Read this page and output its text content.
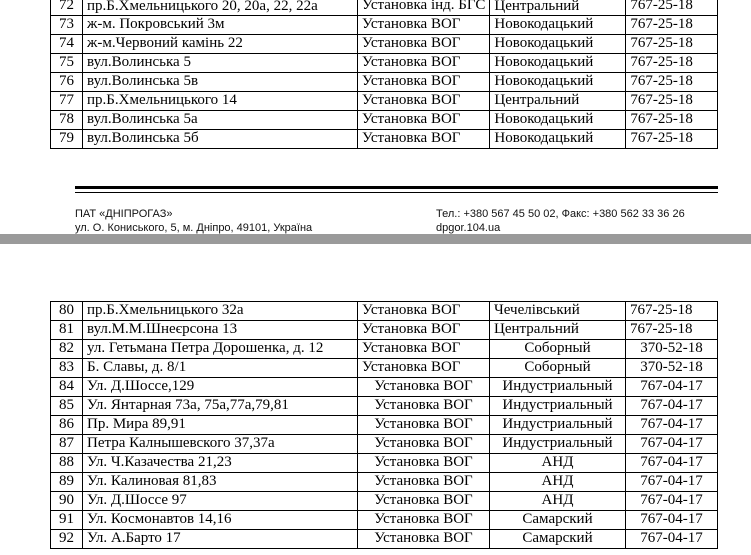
72	пр.Б.Хмельницького 20, 20а, 22, 22а	Установка інд. БГС	Центральний	767-25-18
73	ж-м. Покровський 3м	Установка ВОГ	Новокодацький	767-25-18
74	ж-м.Червоний камінь 22	Установка ВОГ	Новокодацький	767-25-18
75	вул.Волинська 5	Установка ВОГ	Новокодацький	767-25-18
76	вул.Волинська 5в	Установка ВОГ	Новокодацький	767-25-18
77	пр.Б.Хмельницького 14	Установка ВОГ	Центральний	767-25-18
78	вул.Волинська 5а	Установка ВОГ	Новокодацький	767-25-18
79	вул.Волинська 5б	Установка ВОГ	Новокодацький	767-25-18
ПАТ «ДНІПРОГАЗ»
ул. О. Кониського, 5, м. Дніпро, 49101, Україна
Тел.: +380 567 45 50 02, Факс: +380 562 33 36 26
dpgor.104.ua
80	пр.Б.Хмельницького 32а	Установка ВОГ	Чечелівський	767-25-18
81	вул.М.М.Шнеєрсона 13	Установка ВОГ	Центральний	767-25-18
82	ул. Гетьмана Петра Дорошенка, д. 12	Установка ВОГ	Соборный	370-52-18
83	Б. Славы, д. 8/1	Установка ВОГ	Соборный	370-52-18
84	Ул. Д.Шоссе,129	Установка ВОГ	Индустриальный	767-04-17
85	Ул. Янтарная 73а, 75а,77а,79,81	Установка ВОГ	Индустриальный	767-04-17
86	Пр. Мира 89,91	Установка ВОГ	Индустриальный	767-04-17
87	Петра Калнышевского 37,37а	Установка ВОГ	Индустриальный	767-04-17
88	Ул. Ч.Казачества 21,23	Установка ВОГ	АНД	767-04-17
89	Ул. Калиновая 81,83	Установка ВОГ	АНД	767-04-17
90	Ул. Д.Шоссе 97	Установка ВОГ	АНД	767-04-17
91	Ул. Космонавтов 14,16	Установка ВОГ	Самарский	767-04-17
92	Ул. А.Барто 17	Установка ВОГ	Самарский	767-04-17
